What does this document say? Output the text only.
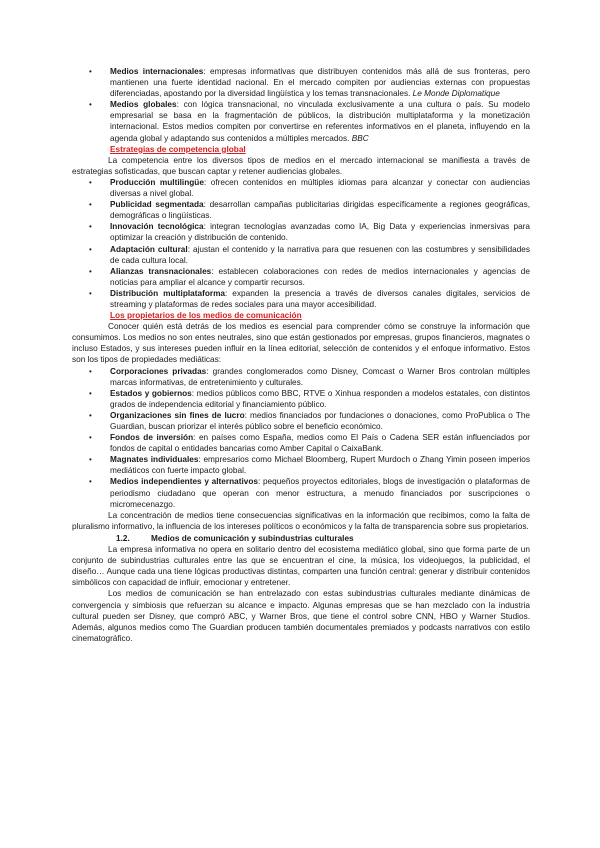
• Medios internacionales: empresas informativas que distribuyen contenidos más allá de sus fronteras, pero mantienen una fuerte identidad nacional. En el mercado compiten por audiencias externas con propuestas diferenciadas, apostando por la diversidad lingüística y los temas transnacionales. Le Monde Diplomatique
• Medios globales: con lógica transnacional, no vinculada exclusivamente a una cultura o país. Su modelo empresarial se basa en la fragmentación de públicos, la distribución multiplataforma y la monetización internacional. Estos medios compiten por convertirse en referentes informativos en el planeta, influyendo en la agenda global y adaptando sus contenidos a múltiples mercados. BBC
Estrategias de competencia global

La competencia entre los diversos tipos de medios en el mercado internacional se manifiesta a través de estrategias sofisticadas, que buscan captar y retener audiencias globales.

• Producción multilingüe: ofrecen contenidos en múltiples idiomas para alcanzar y conectar con audiencias diversas a nivel global.
• Publicidad segmentada: desarrollan campañas publicitarias dirigidas específicamente a regiones geográficas, demográficas o lingüísticas.
• Innovación tecnológica: integran tecnologías avanzadas como IA, Big Data y experiencias inmersivas para optimizar la creación y distribución de contenido.
• Adaptación cultural: ajustan el contenido y la narrativa para que resuenen con las costumbres y sensibilidades de cada cultura local.
• Alianzas transnacionales: establecen colaboraciones con redes de medios internacionales y agencias de noticias para ampliar el alcance y compartir recursos.
• Distribución multiplataforma: expanden la presencia a través de diversos canales digitales, servicios de streaming y plataformas de redes sociales para una mayor accesibilidad.
Los propietarios de los medios de comunicación

Conocer quién está detrás de los medios es esencial para comprender cómo se construye la información que consumimos. Los medios no son entes neutrales, sino que están gestionados por empresas, grupos financieros, magnates o incluso Estados, y sus intereses pueden influir en la línea editorial, selección de contenidos y el enfoque informativo. Estos son los tipos de propiedades mediáticas:

• Corporaciones privadas: grandes conglomerados como Disney, Comcast o Warner Bros controlan múltiples marcas informativas, de entretenimiento y culturales.
• Estados y gobiernos: medios públicos como BBC, RTVE o Xinhua responden a modelos estatales, con distintos grados de independencia editorial y financiamiento público.
• Organizaciones sin fines de lucro: medios financiados por fundaciones o donaciones, como ProPublica o The Guardian, buscan priorizar el interés público sobre el beneficio económico.
• Fondos de inversión: en países como España, medios como El País o Cadena SER están influenciados por fondos de capital o entidades bancarias como Amber Capital o CaixaBank.
• Magnates individuales: empresarios como Michael Bloomberg, Rupert Murdoch o Zhang Yimin poseen imperios mediáticos con fuerte impacto global.
• Medios independientes y alternativos: pequeños proyectos editoriales, blogs de investigación o plataformas de periodismo ciudadano que operan con menor estructura, a menudo financiados por suscripciones o micromecenazgo.

La concentración de medios tiene consecuencias significativas en la información que recibimos, como la falta de pluralismo informativo, la influencia de los intereses políticos o económicos y la falta de transparencia sobre sus propietarios.

1.2.	Medios de comunicación y subindustrias culturales

La empresa informativa no opera en solitario dentro del ecosistema mediático global, sino que forma parte de un conjunto de subindustrias culturales entre las que se encuentran el cine, la música, los videojuegos, la publicidad, el diseño… Aunque cada una tiene lógicas productivas distintas, comparten una función central: generar y distribuir contenidos simbólicos con capacidad de influir, emocionar y entretener.

Los medios de comunicación se han entrelazado con estas subindustrias culturales mediante dinámicas de convergencia y simbiosis que refuerzan su alcance e impacto. Algunas empresas que se han mezclado con la industria cultural pueden ser Disney, que compró ABC, y Warner Bros, que tiene el control sobre CNN, HBO y Warner Studios. Además, algunos medios como The Guardian producen también documentales premiados y podcasts narrativos con estilo cinematográfico.
